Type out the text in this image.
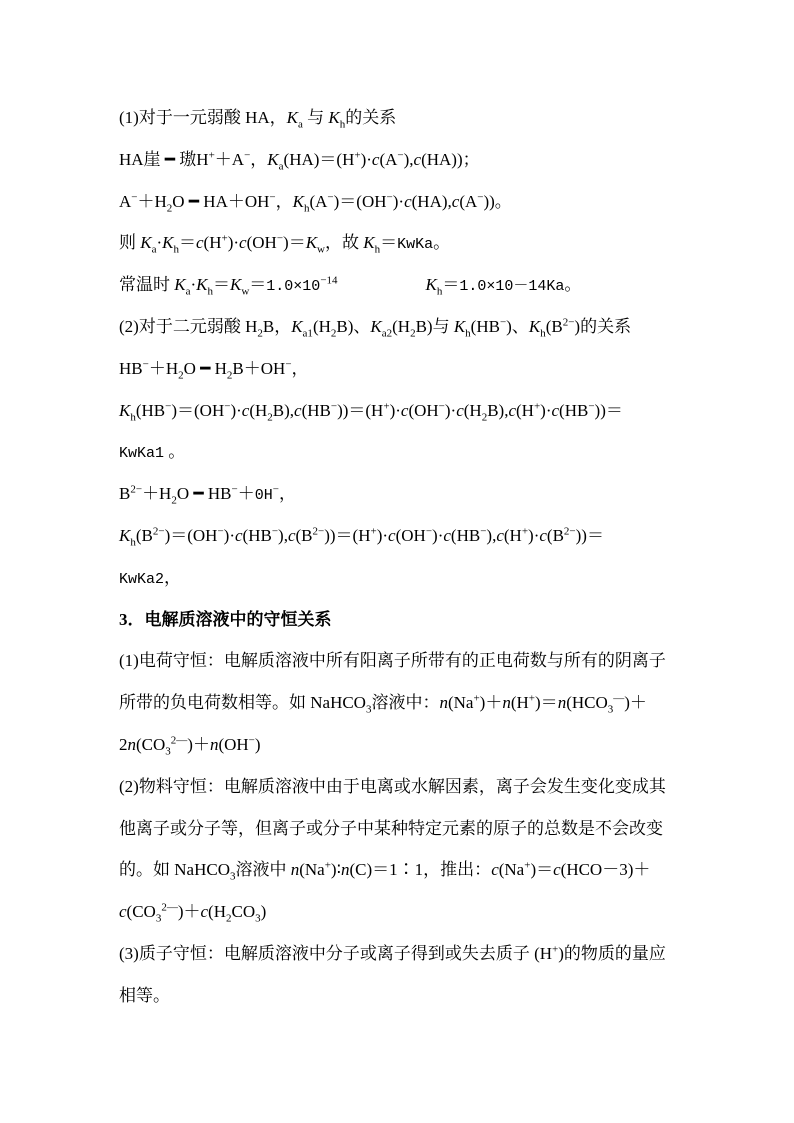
(1)对于一元弱酸 HA，$K_a$ 与 $K_h$的关系
HA崖 ━ 璈H+＋A−，$K_a(HA)=(H^+)\cdot c(A^-),c(HA)$)；
$A^-+H_2O$ ━ HA＋OH−，$K_h(A^-)=(OH^-)\cdot c(HA),c(A^-)$)。
则 $K_a\cdot K_h=c(H^+)\cdot c(OH^-)=K_w$，故 $K_h=KwKa$。
常温时 $K_a\cdot K_h=K_w=1.0\times 10^{-14}$	$K_h=1.0\times 10-14Ka$。
(2)对于二元弱酸 $H_2B$，$K_{a1}(H_2B)$、$K_{a2}(H_2B)$与 $K_h(HB^-)$、$K_h(B^{2-})$的关系
$HB^-+H_2O$ ━ $H_2B+OH^-$，
$K_h(HB^-)=(OH^-)\cdot c(H_2B),c(HB^-))=(H^+)\cdot c(OH^-)\cdot c(H_2B),c(H^+)\cdot c(HB^-))=$
KwKa1 。
$B^{2-}+H_2O$ ━ HB−＋0H−，
$K_h(B^{2-})=(OH^-)\cdot c(HB^-),c(B^{2-}))=(H^+)\cdot c(OH^-)\cdot c(HB^-),c(H^+)\cdot c(B^{2-}))=$
KwKa2，
3．电解质溶液中的守恒关系
(1)电荷守恒：电解质溶液中所有阳离子所带有的正电荷数与所有的阴离子
所带的负电荷数相等。如 NaHCO$_3$溶液中：$n(Na^+)+n(H^+)=n(HCO_3^—)+$
$2n(CO_3^{2—})+n(OH^-)$
(2)物料守恒：电解质溶液中由于电离或水解因素，离子会发生变化变成其
他离子或分子等，但离子或分子中某种特定元素的原子的总数是不会改变
的。如 NaHCO$_3$溶液中 n(Na+)∶n(C)＝1∶1，推出：c(Na+)＝c(HCO－3)＋
$c(CO_3^{2—})+c(H_2CO_3)$
(3)质子守恒：电解质溶液中分子或离子得到或失去质子 (H+)的物质的量应
相等。
